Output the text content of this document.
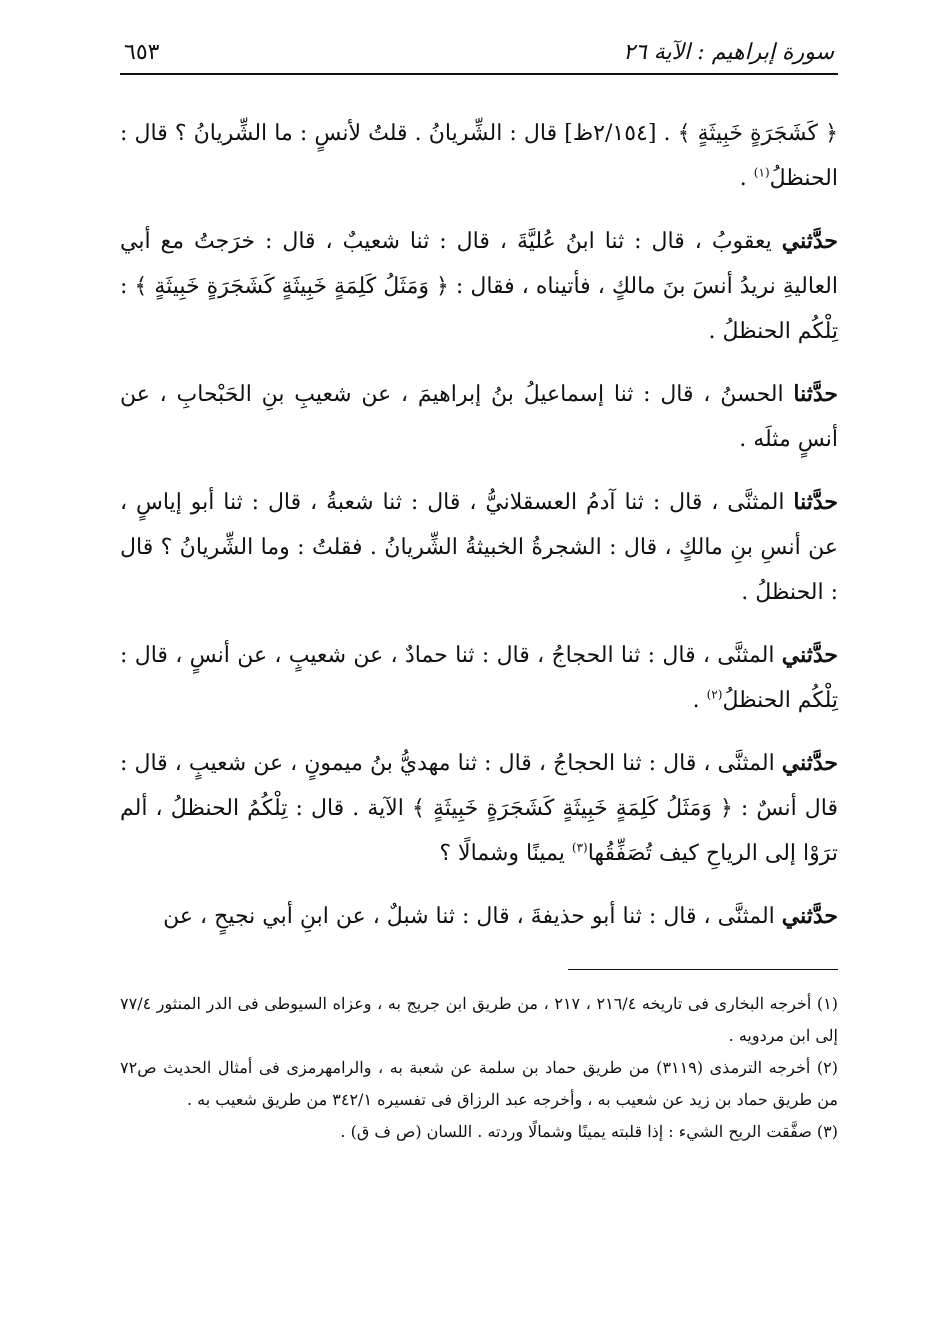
سورة إبراهيم : الآية ٢٦
٦٥٣

﴿ كَشَجَرَةٍ خَبِيثَةٍ ﴾ . [٢/١٥٤ظ] قال : الشِّريانُ . قلتُ لأنسٍ : ما الشِّريانُ ؟ قال : الحنظلُ$^{(١)}$ .

حدَّثني يعقوبُ ، قال : ثنا ابنُ عُليَّةَ ، قال : ثنا شعيبٌ ، قال : خرَجتُ مع أبي العاليةِ نريدُ أنسَ بنَ مالكٍ ، فأتيناه ، فقال : ﴿ وَمَثَلُ كَلِمَةٍ خَبِيثَةٍ كَشَجَرَةٍ خَبِيثَةٍ ﴾ : تِلْكُم الحنظلُ .

حدَّثنا الحسنُ ، قال : ثنا إسماعيلُ بنُ إبراهيمَ ، عن شعيبِ بنِ الحَبْحابِ ، عن أنسٍ مثلَه .

حدَّثنا المثنَّى ، قال : ثنا آدمُ العسقلانيُّ ، قال : ثنا شعبةُ ، قال : ثنا أبو إياسٍ ، عن أنسِ بنِ مالكٍ ، قال : الشجرةُ الخبيثةُ الشِّريانُ . فقلتُ : وما الشِّريانُ ؟ قال : الحنظلُ .

حدَّثني المثنَّى ، قال : ثنا الحجاجُ ، قال : ثنا حمادٌ ، عن شعيبٍ ، عن أنسٍ ، قال : تِلْكُم الحنظلُ$^{(٢)}$ .

حدَّثني المثنَّى ، قال : ثنا الحجاجُ ، قال : ثنا مهديُّ بنُ ميمونٍ ، عن شعيبٍ ، قال : قال أنسٌ : ﴿ وَمَثَلُ كَلِمَةٍ خَبِيثَةٍ كَشَجَرَةٍ خَبِيثَةٍ ﴾ الآية . قال : تِلْكُمُ الحنظلُ ، ألم ترَوْا إلى الرياحِ كيف تُصَفِّقُها$^{(٣)}$ يمينًا وشمالًا ؟

حدَّثني المثنَّى ، قال : ثنا أبو حذيفةَ ، قال : ثنا شبلٌ ، عن ابنِ أبي نجيحٍ ، عن

(١) أخرجه البخارى فى تاريخه ٢١٦/٤ ، ٢١٧ ، من طريق ابن جريج به ، وعزاه السيوطى فى الدر المنثور ٧٧/٤ إلى ابن مردويه .

(٢) أخرجه الترمذى (٣١١٩) من طريق حماد بن سلمة عن شعبة به ، والرامهرمزى فى أمثال الحديث ص٧٢ من طريق حماد بن زيد عن شعيب به ، وأخرجه عبد الرزاق فى تفسيره ٣٤٢/١ من طريق شعيب به .

(٣) صفَّقت الريح الشيء : إذا قلبته يمينًا وشمالًا وردته . اللسان (ص ف ق) .
